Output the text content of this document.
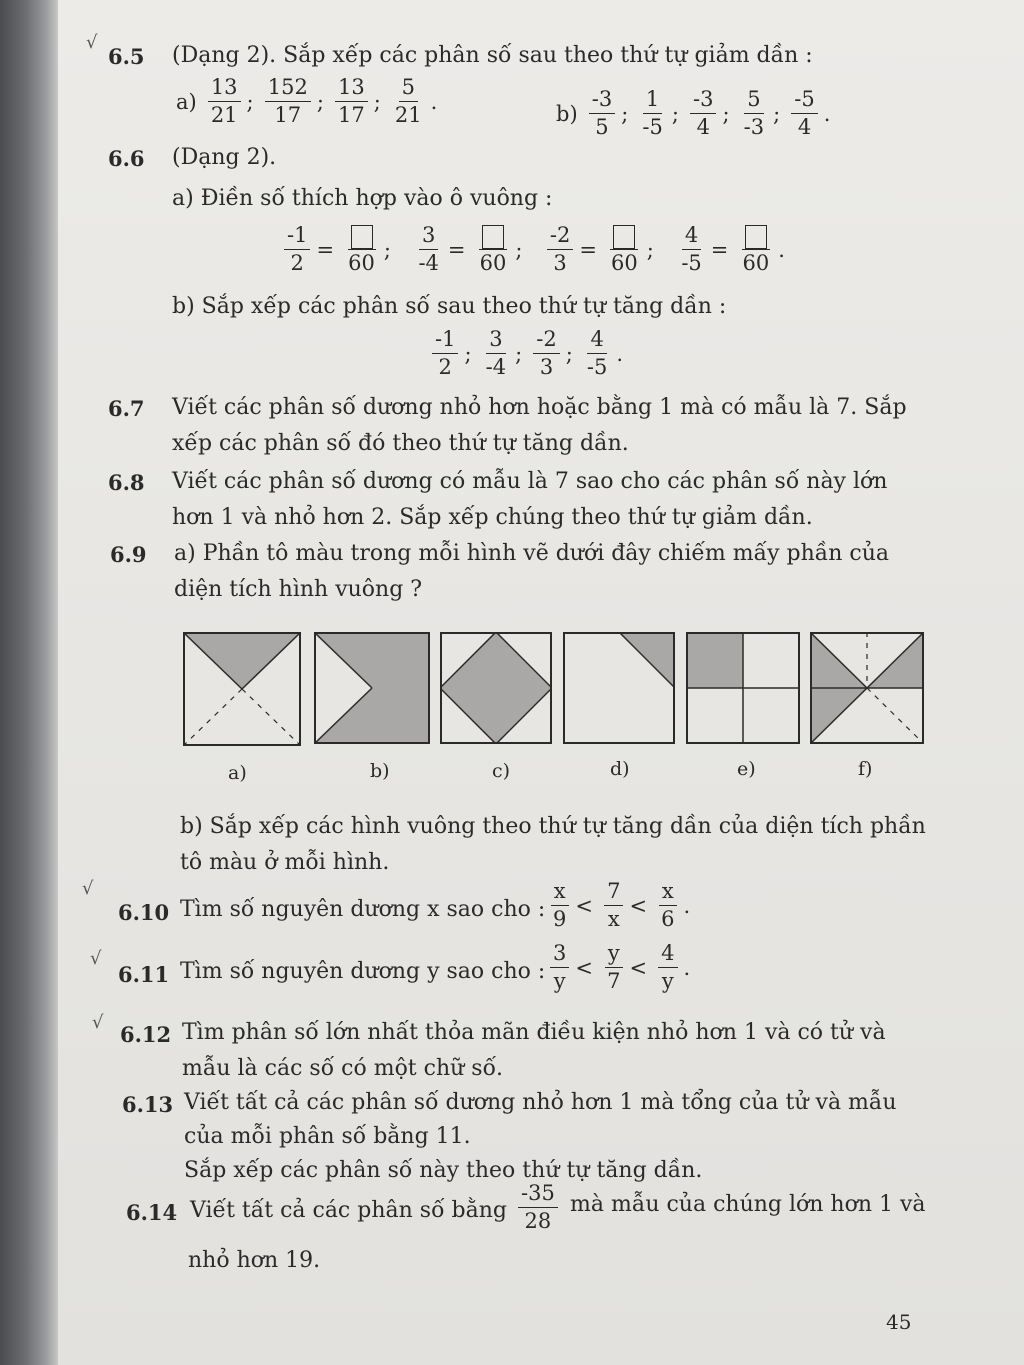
√
√
√
√
6.5 (Dạng 2). Sắp xếp các phân số sau theo thứ tự giảm dần :
$a) \frac{13}{21}$ ; $\frac{152}{17}$ ; $\frac{13}{17}$ ; $\frac{5}{21}$ .	$b) \frac{-3}{5}$ ; $\frac{1}{-5}$ ; $\frac{-3}{4}$ ; $\frac{5}{-3}$ ; $\frac{-5}{4}$ .
6.6 (Dạng 2).
a) Điền số thích hợp vào ô vuông :
$\frac{-1}{2}$ =
60
; $\frac{3}{-4}$ =
60
; $\frac{-2}{3}$ =
60
; $\frac{4}{-5}$ =
60
.
b) Sắp xếp các phân số sau theo thứ tự tăng dần :
$\frac{-1}{2}$ ; $\frac{3}{-4}$ ; $\frac{-2}{3}$ ; $\frac{4}{-5}$ .
6.7 Viết các phân số dương nhỏ hơn hoặc bằng 1 mà có mẫu là 7. Sắp
xếp các phân số đó theo thứ tự tăng dần.
6.8 Viết các phân số dương có mẫu là 7 sao cho các phân số này lớn
hơn 1 và nhỏ hơn 2. Sắp xếp chúng theo thứ tự giảm dần.
6.9 a) Phần tô màu trong mỗi hình vẽ dưới đây chiếm mấy phần của
diện tích hình vuông ?
a)	b)	c)	d)	e)	f)
b) Sắp xếp các hình vuông theo thứ tự tăng dần của diện tích phần
tô màu ở mỗi hình.
6.10 Tìm số nguyên dương x sao cho : $\frac{x}{9} < \frac{7}{x} < \frac{x}{6}$ .
6.11 Tìm số nguyên dương y sao cho : $\frac{3}{y} < \frac{y}{7} < \frac{4}{y}$ .
6.12 Tìm phân số lớn nhất thỏa mãn điều kiện nhỏ hơn 1 và có tử và
mẫu là các số có một chữ số.
6.13 Viết tất cả các phân số dương nhỏ hơn 1 mà tổng của tử và mẫu
của mỗi phân số bằng 11.
Sắp xếp các phân số này theo thứ tự tăng dần.
6.14 Viết tất cả các phân số bằng $\frac{-35}{28}$ mà mẫu của chúng lớn hơn 1 và
nhỏ hơn 19.
45
